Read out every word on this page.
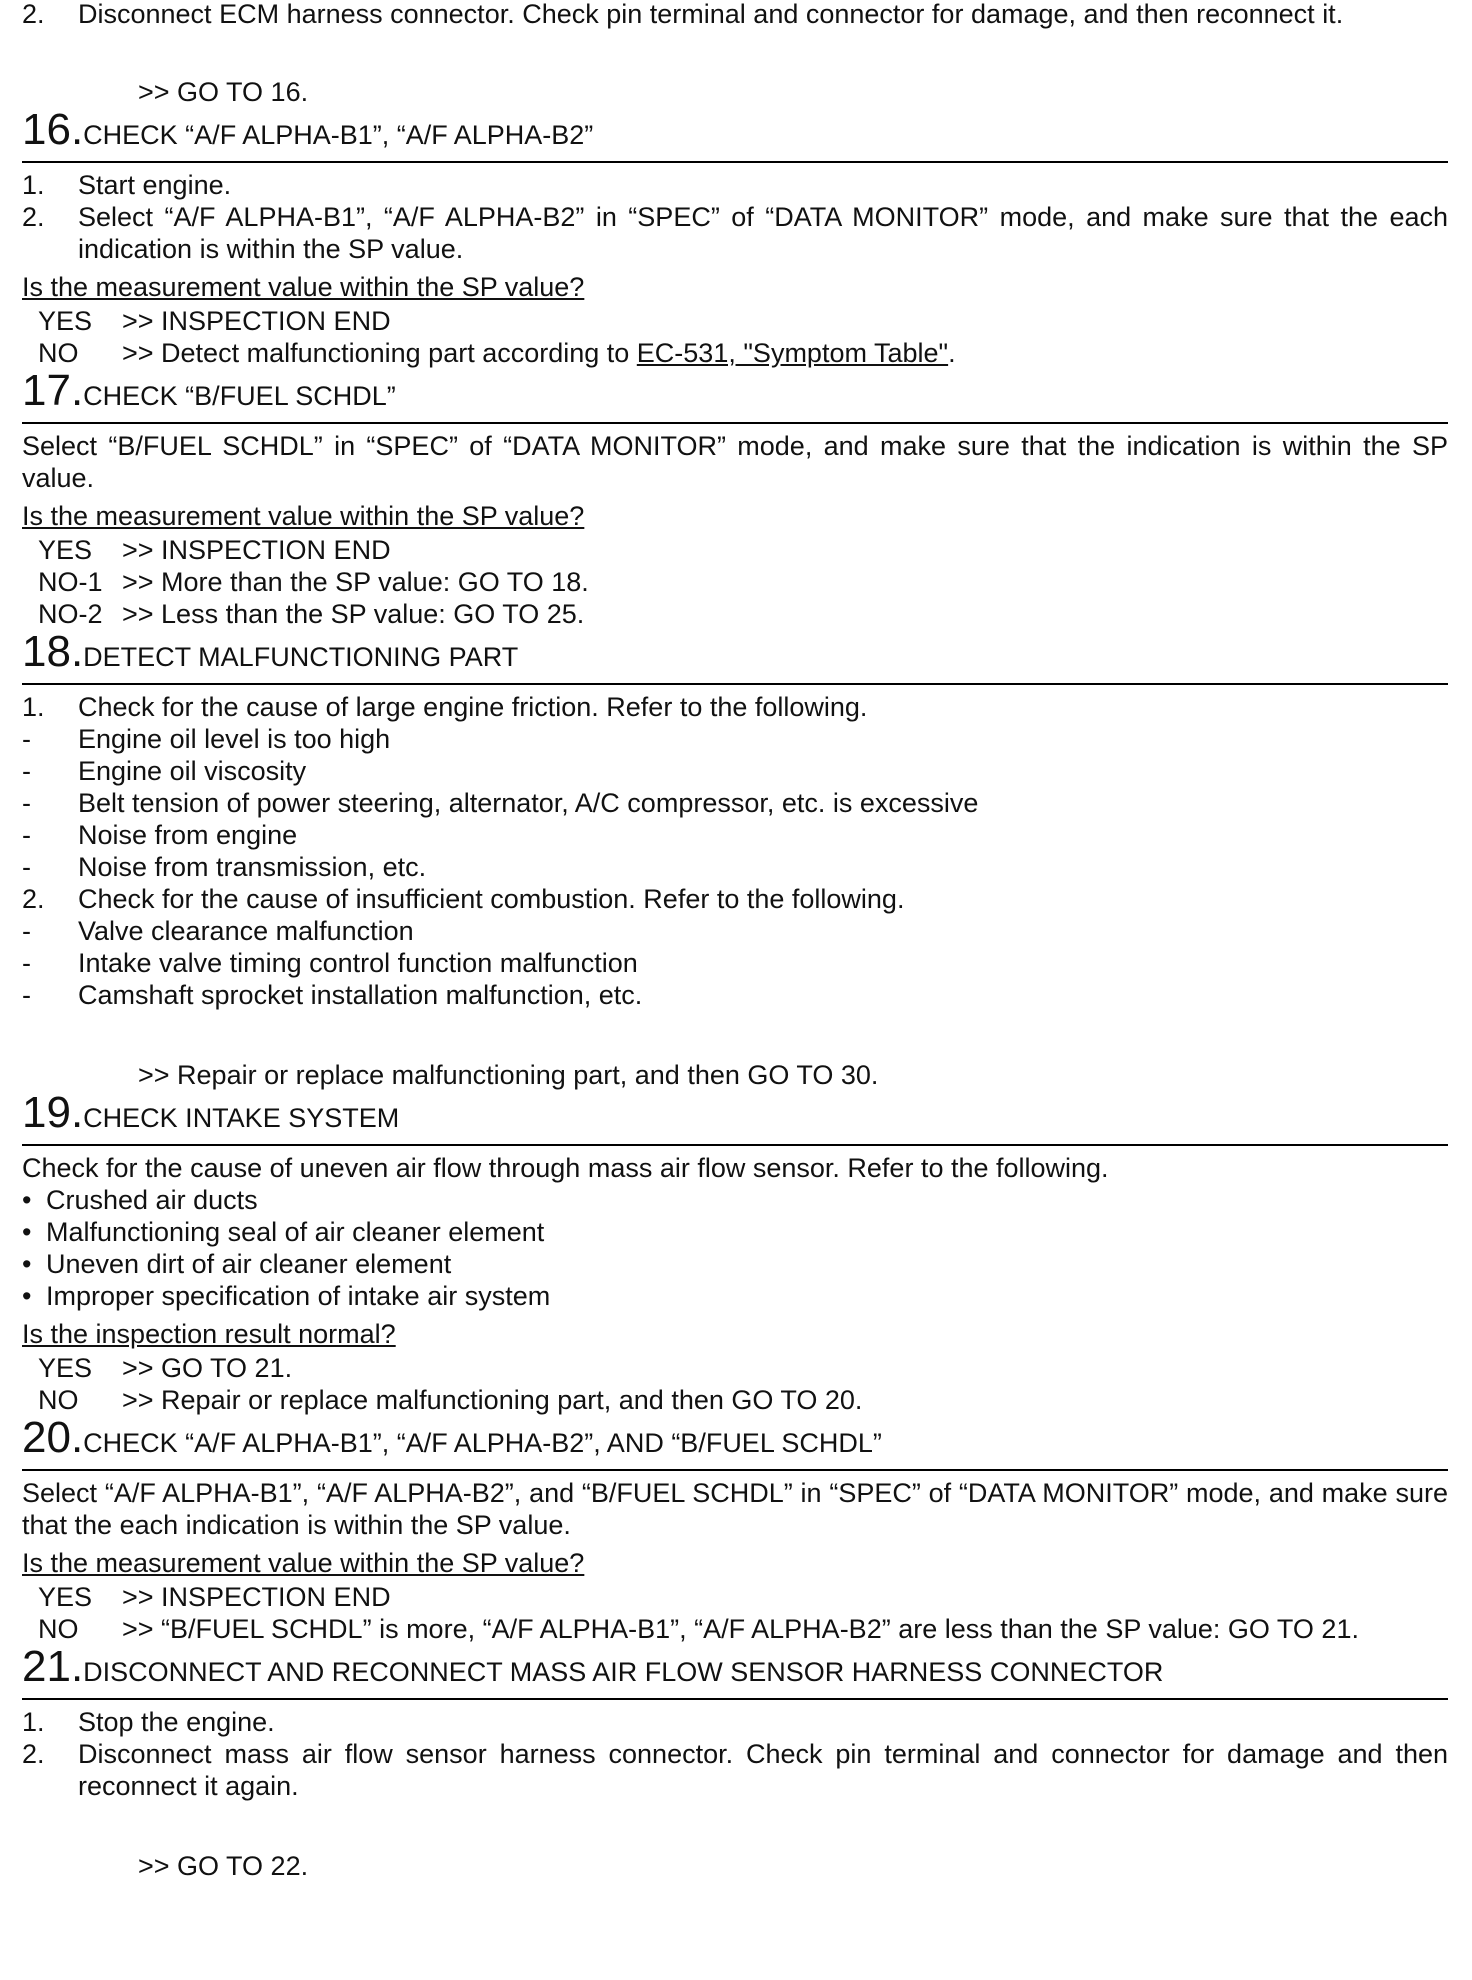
2.	Disconnect ECM harness connector. Check pin terminal and connector for damage, and then reconnect it.
>> GO TO 16.
16. CHECK “A/F ALPHA-B1”, “A/F ALPHA-B2”
1.	Start engine.
2.	Select “A/F ALPHA-B1”, “A/F ALPHA-B2” in “SPEC” of “DATA MONITOR” mode, and make sure that the each indication is within the SP value.
Is the measurement value within the SP value?
YES	>> INSPECTION END
NO	>> Detect malfunctioning part according to EC-531, "Symptom Table".
17. CHECK “B/FUEL SCHDL”
Select “B/FUEL SCHDL” in “SPEC” of “DATA MONITOR” mode, and make sure that the indication is within the SP value.
Is the measurement value within the SP value?
YES	>> INSPECTION END
NO-1 >> More than the SP value: GO TO 18.
NO-2 >> Less than the SP value: GO TO 25.
18. DETECT MALFUNCTIONING PART
1.	Check for the cause of large engine friction. Refer to the following.
-	Engine oil level is too high
-	Engine oil viscosity
-	Belt tension of power steering, alternator, A/C compressor, etc. is excessive
-	Noise from engine
-	Noise from transmission, etc.
2.	Check for the cause of insufficient combustion. Refer to the following.
-	Valve clearance malfunction
-	Intake valve timing control function malfunction
-	Camshaft sprocket installation malfunction, etc.
>> Repair or replace malfunctioning part, and then GO TO 30.
19. CHECK INTAKE SYSTEM
Check for the cause of uneven air flow through mass air flow sensor. Refer to the following.
• Crushed air ducts
• Malfunctioning seal of air cleaner element
• Uneven dirt of air cleaner element
• Improper specification of intake air system
Is the inspection result normal?
YES	>> GO TO 21.
NO	>> Repair or replace malfunctioning part, and then GO TO 20.
20. CHECK “A/F ALPHA-B1”, “A/F ALPHA-B2”, AND “B/FUEL SCHDL”
Select “A/F ALPHA-B1”, “A/F ALPHA-B2”, and “B/FUEL SCHDL” in “SPEC” of “DATA MONITOR” mode, and make sure that the each indication is within the SP value.
Is the measurement value within the SP value?
YES	>> INSPECTION END
NO	>> “B/FUEL SCHDL” is more, “A/F ALPHA-B1”, “A/F ALPHA-B2” are less than the SP value: GO TO 21.
21. DISCONNECT AND RECONNECT MASS AIR FLOW SENSOR HARNESS CONNECTOR
1.	Stop the engine.
2.	Disconnect mass air flow sensor harness connector. Check pin terminal and connector for damage and then reconnect it again.
>> GO TO 22.
